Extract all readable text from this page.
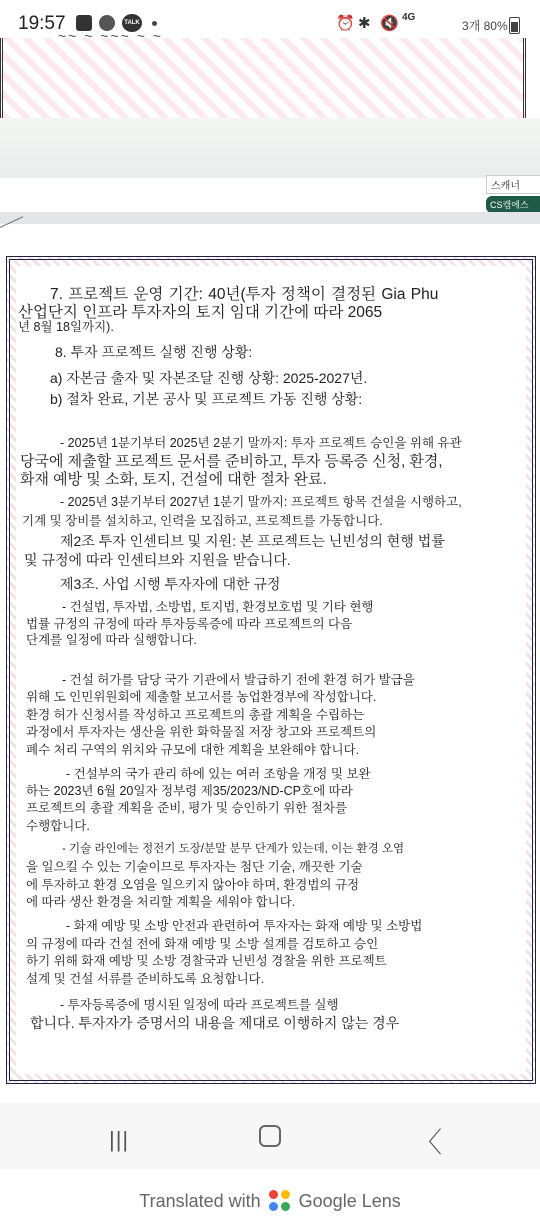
19:57	TALK	⏰ ✱ 🔇 4G
3개 80%
~~ ~ ~~~ ~ ~
스캐너
CS캠에스
7. 프로젝트 운영 기간: 40년(투자 정책이 결정된 Gia Phu
산업단지 인프라 투자자의 토지 임대 기간에 따라 2065
년 8월 18일까지).
8. 투자 프로젝트 실행 진행 상황:
a) 자본금 출자 및 자본조달 진행 상황: 2025-2027년.
b) 절차 완료, 기본 공사 및 프로젝트 가동 진행 상황:
- 2025년 1분기부터 2025년 2분기 말까지: 투자 프로젝트 승인을 위해 유관
당국에 제출할 프로젝트 문서를 준비하고, 투자 등록증 신청, 환경,
화재 예방 및 소화, 토지, 건설에 대한 절차 완료.
- 2025년 3분기부터 2027년 1분기 말까지: 프로젝트 항목 건설을 시행하고,
기계 및 장비를 설치하고, 인력을 모집하고, 프로젝트를 가동합니다.
제2조 투자 인센티브 및 지원: 본 프로젝트는 닌빈성의 현행 법률
및 규정에 따라 인센티브와 지원을 받습니다.
제3조. 사업 시행 투자자에 대한 규정
- 건설법, 투자법, 소방법, 토지법, 환경보호법 및 기타 현행
법률 규정의 규정에 따라 투자등록증에 따라 프로젝트의 다음
단계를 일정에 따라 실행합니다.
- 건설 허가를 담당 국가 기관에서 발급하기 전에 환경 허가 발급을
위해 도 인민위원회에 제출할 보고서를 농업환경부에 작성합니다.
환경 허가 신청서를 작성하고 프로젝트의 총괄 계획을 수립하는
과정에서 투자자는 생산을 위한 화학물질 저장 창고와 프로젝트의
폐수 처리 구역의 위치와 규모에 대한 계획을 보완해야 합니다.
- 건설부의 국가 관리 하에 있는 여러 조항을 개정 및 보완
하는 2023년 6월 20일자 정부령 제35/2023/ND-CP호에 따라
프로젝트의 총괄 계획을 준비, 평가 및 승인하기 위한 절차를
수행합니다.
- 기술 라인에는 정전기 도장/분말 분무 단계가 있는데, 이는 환경 오염
을 일으킬 수 있는 기술이므로 투자자는 첨단 기술, 깨끗한 기술
에 투자하고 환경 오염을 일으키지 않아야 하며, 환경법의 규정
에 따라 생산 환경을 처리할 계획을 세워야 합니다.
- 화재 예방 및 소방 안전과 관련하여 투자자는 화재 예방 및 소방법
의 규정에 따라 건설 전에 화재 예방 및 소방 설계를 검토하고 승인
하기 위해 화재 예방 및 소방 경찰국과 닌빈성 경찰을 위한 프로젝트
설계 및 건설 서류를 준비하도록 요청합니다.
- 투자등록증에 명시된 일정에 따라 프로젝트를 실행
합니다. 투자자가 증명서의 내용을 제대로 이행하지 않는 경우
|||	〈
Translated with Google Lens
